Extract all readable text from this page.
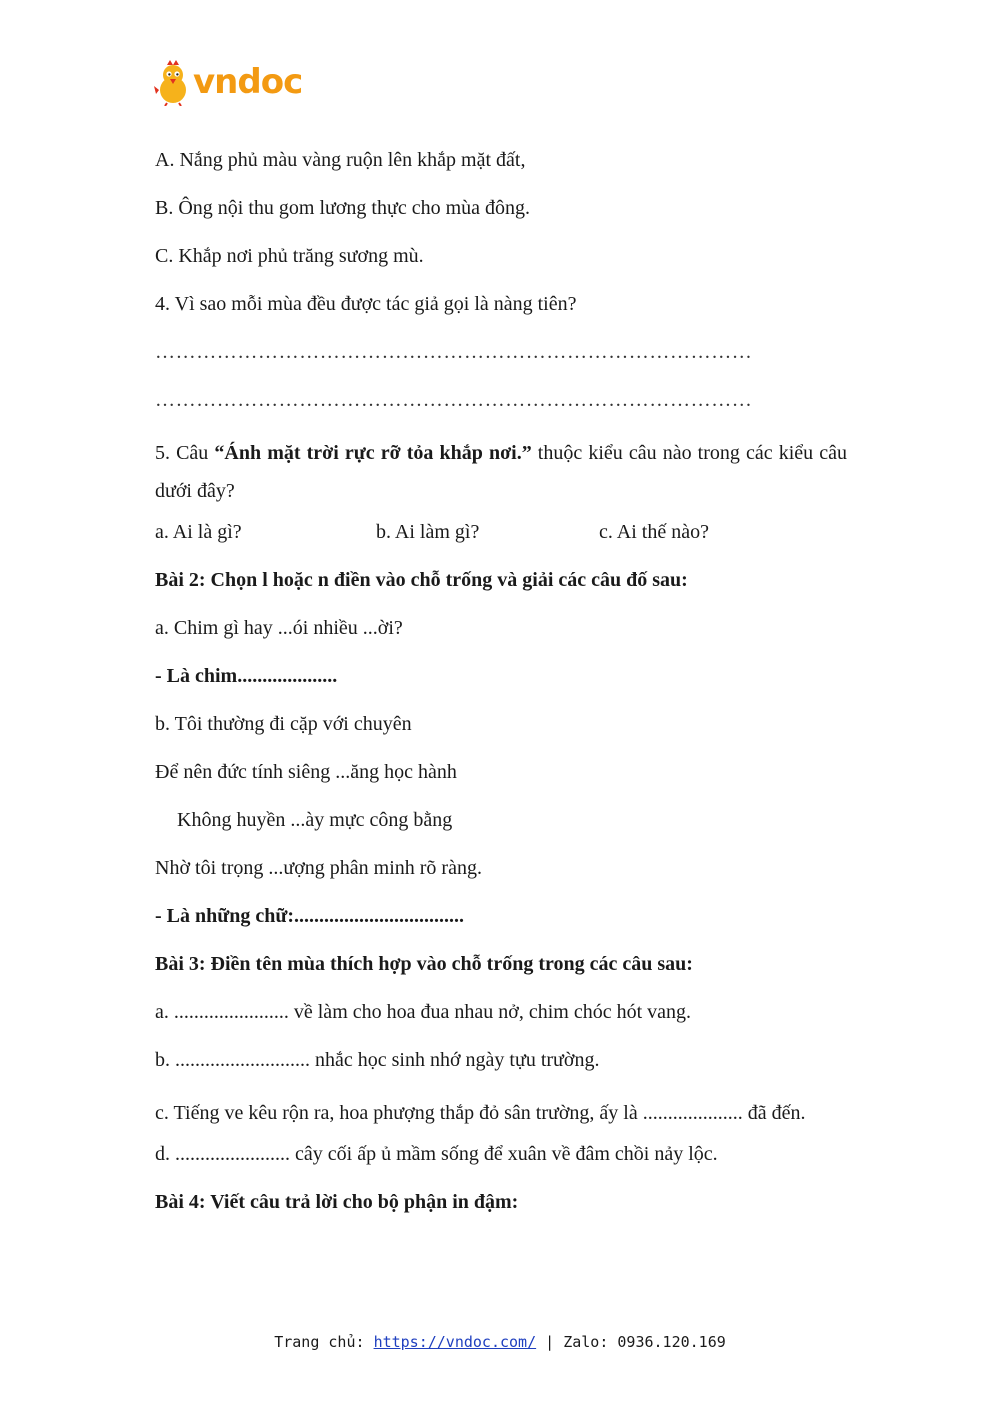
vndoc

A. Nắng phủ màu vàng ruộn lên khắp mặt đất,

B. Ông nội thu gom lương thực cho mùa đông.

C. Khắp nơi phủ trăng sương mù.

4. Vì sao mỗi mùa đều được tác giả gọi là nàng tiên?

……………………………………………………………………………

……………………………………………………………………………

5. Câu “Ánh mặt trời rực rỡ tỏa khắp nơi.” thuộc kiểu câu nào trong các kiểu câu dưới đây?

a. Ai là gì?	b. Ai làm gì?	c. Ai thế nào?

Bài 2: Chọn l hoặc n điền vào chỗ trống và giải các câu đố sau:

a. Chim gì hay ...ói nhiều ...ời?

- Là chim....................

b. Tôi thường đi cặp với chuyên

Để nên đức tính siêng ...ăng học hành

Không huyền ...ày mực công bằng

Nhờ tôi trọng ...ượng phân minh rõ ràng.

- Là những chữ:..................................

Bài 3: Điền tên mùa thích hợp vào chỗ trống trong các câu sau:

a. ....................... về làm cho hoa đua nhau nở, chim chóc hót vang.

b. ........................... nhắc học sinh nhớ ngày tựu trường.

c. Tiếng ve kêu rộn ra, hoa phượng thắp đỏ sân trường, ấy là .................... đã đến.

d. ....................... cây cối ấp ủ mầm sống để xuân về đâm chồi nảy lộc.

Bài 4: Viết câu trả lời cho bộ phận in đậm:

Trang chủ: https://vndoc.com/ | Zalo: 0936.120.169
